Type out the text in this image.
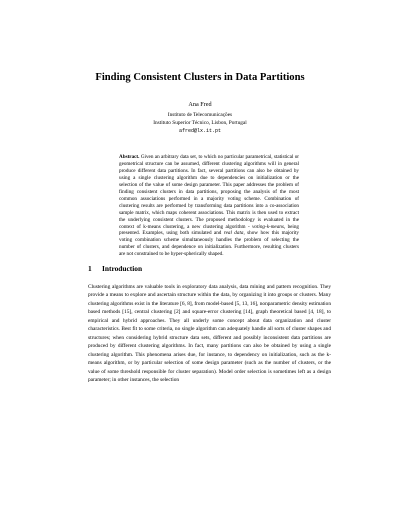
Finding Consistent Clusters in Data Partitions
Ana Fred
Instituto de Telecomunicações
Instituto Superior Técnico, Lisbon, Portugal
afred@lx.it.pt
Abstract. Given an arbitrary data set, to which no particular parametrical, statistical or geometrical structure can be assumed, different clustering algorithms will in general produce different data partitions. In fact, several partitions can also be obtained by using a single clustering algorithm due to dependencies on initialization or the selection of the value of some design parameter. This paper addresses the problem of finding consistent clusters in data partitions, proposing the analysis of the most common associations performed in a majority voting scheme. Combination of clustering results are performed by transforming data partitions into a co-association sample matrix, which maps coherent associations. This matrix is then used to extract the underlying consistent clusters. The proposed methodology is evaluated in the context of k-means clustering, a new clustering algorithm - voting-k-means, being presented. Examples, using both simulated and real data, show how this majority voting combination scheme simultaneously handles the problem of selecting the number of clusters, and dependence on initialization. Furthermore, resulting clusters are not constrained to be hyper-spherically shaped.
1 Introduction
Clustering algorithms are valuable tools in exploratory data analysis, data mining and pattern recognition. They provide a means to explore and ascertain structure within the data, by organizing it into groups or clusters. Many clustering algorithms exist in the literature [6, 8], from model-based [5, 13, 16], nonparametric density estimation based methods [15], central clustering [2] and square-error clustering [14], graph theoretical based [4, 18], to empirical and hybrid approaches. They all underly some concept about data organization and cluster characteristics. Best fit to some criteria, no single algorithm can adequately handle all sorts of cluster shapes and structures; when considering hybrid structure data sets, different and possibly inconsistent data partitions are produced by different clustering algorithms. In fact, many partitions can also be obtained by using a single clustering algorithm. This phenomena arises due, for instance, to dependency on initialization, such as the k-means algorithm, or by particular selection of some design parameter (such as the number of clusters, or the value of some threshold responsible for cluster separation). Model order selection is sometimes left as a design parameter; in other instances, the selection
